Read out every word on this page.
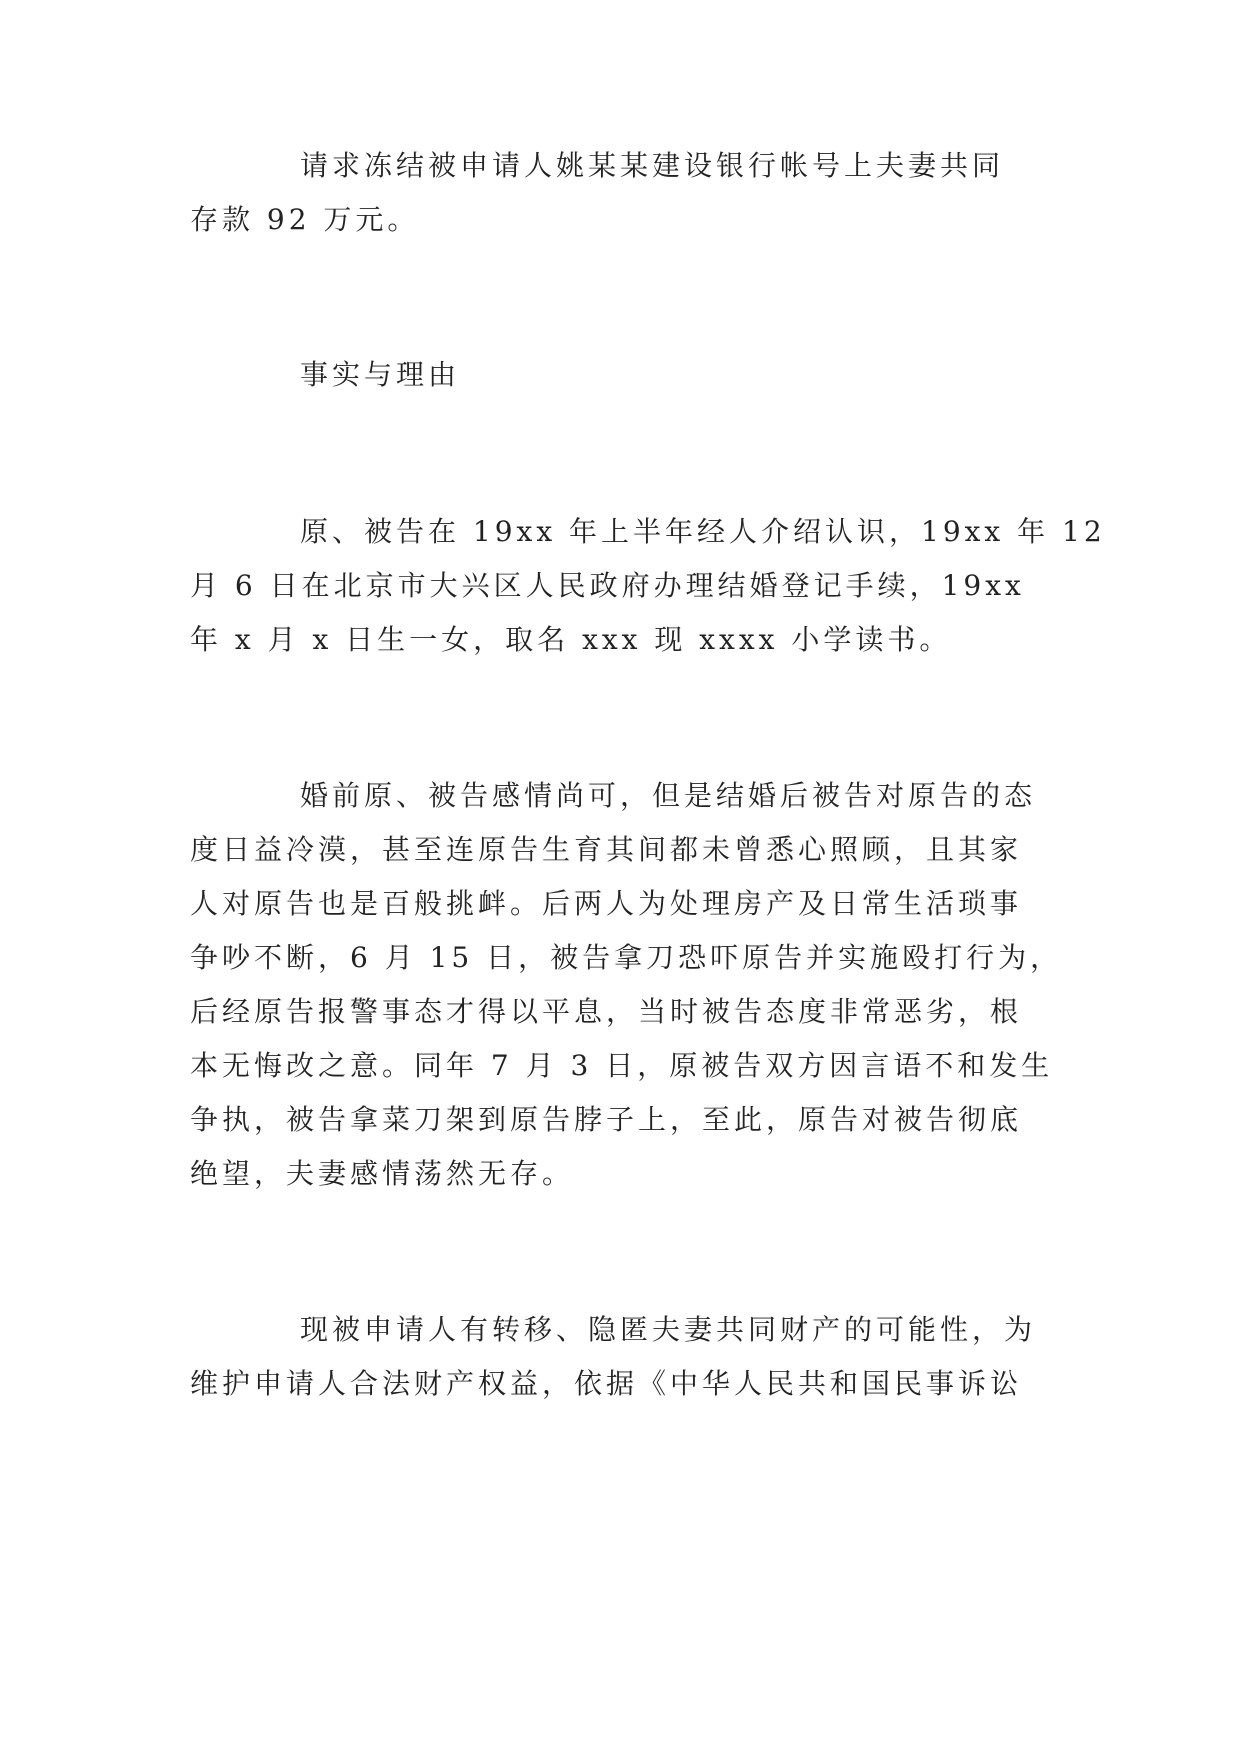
请求冻结被申请人姚某某建设银行帐号上夫妻共同
存款 92 万元。
事实与理由
原、被告在 19xx 年上半年经人介绍认识，19xx 年 12
月 6 日在北京市大兴区人民政府办理结婚登记手续，19xx
年 x 月 x 日生一女，取名 xxx 现 xxxx 小学读书。
婚前原、被告感情尚可，但是结婚后被告对原告的态
度日益冷漠，甚至连原告生育其间都未曾悉心照顾，且其家
人对原告也是百般挑衅。后两人为处理房产及日常生活琐事
争吵不断，6 月 15 日，被告拿刀恐吓原告并实施殴打行为，
后经原告报警事态才得以平息，当时被告态度非常恶劣，根
本无悔改之意。同年 7 月 3 日，原被告双方因言语不和发生
争执，被告拿菜刀架到原告脖子上，至此，原告对被告彻底
绝望，夫妻感情荡然无存。
现被申请人有转移、隐匿夫妻共同财产的可能性，为
维护申请人合法财产权益，依据《中华人民共和国民事诉讼
